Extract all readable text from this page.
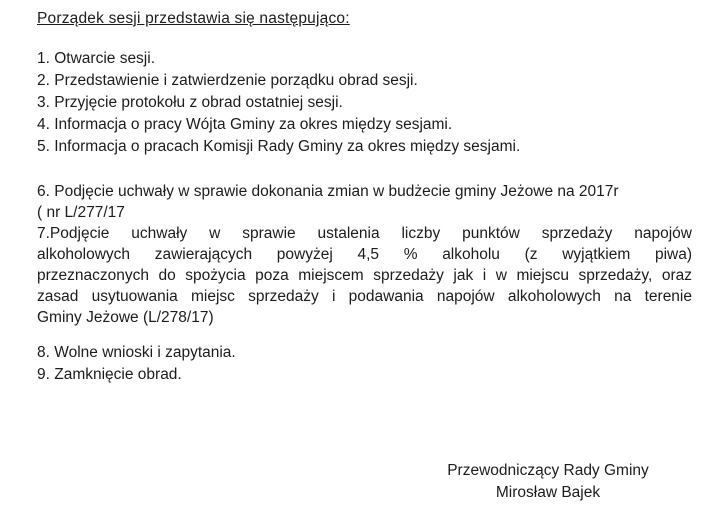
Porządek sesji przedstawia się następująco:
1. Otwarcie sesji.
2. Przedstawienie i zatwierdzenie porządku obrad sesji.
3. Przyjęcie protokołu z obrad ostatniej sesji.
4. Informacja o pracy Wójta Gminy za okres między sesjami.
5. Informacja o pracach Komisji Rady Gminy za okres między sesjami.
6. Podjęcie uchwały w sprawie dokonania zmian w budżecie gminy Jeżowe na 2017r
( nr L/277/17
7.Podjęcie uchwały w sprawie ustalenia liczby punktów sprzedaży napojów
alkoholowych zawierających powyżej 4,5 % alkoholu (z wyjątkiem piwa)
przeznaczonych do spożycia poza miejscem sprzedaży jak i w miejscu sprzedaży, oraz
zasad usytuowania miejsc sprzedaży i podawania napojów alkoholowych na terenie
Gminy Jeżowe (L/278/17)
8. Wolne wnioski i zapytania.
9. Zamknięcie obrad.
Przewodniczący Rady Gminy
Mirosław Bajek
